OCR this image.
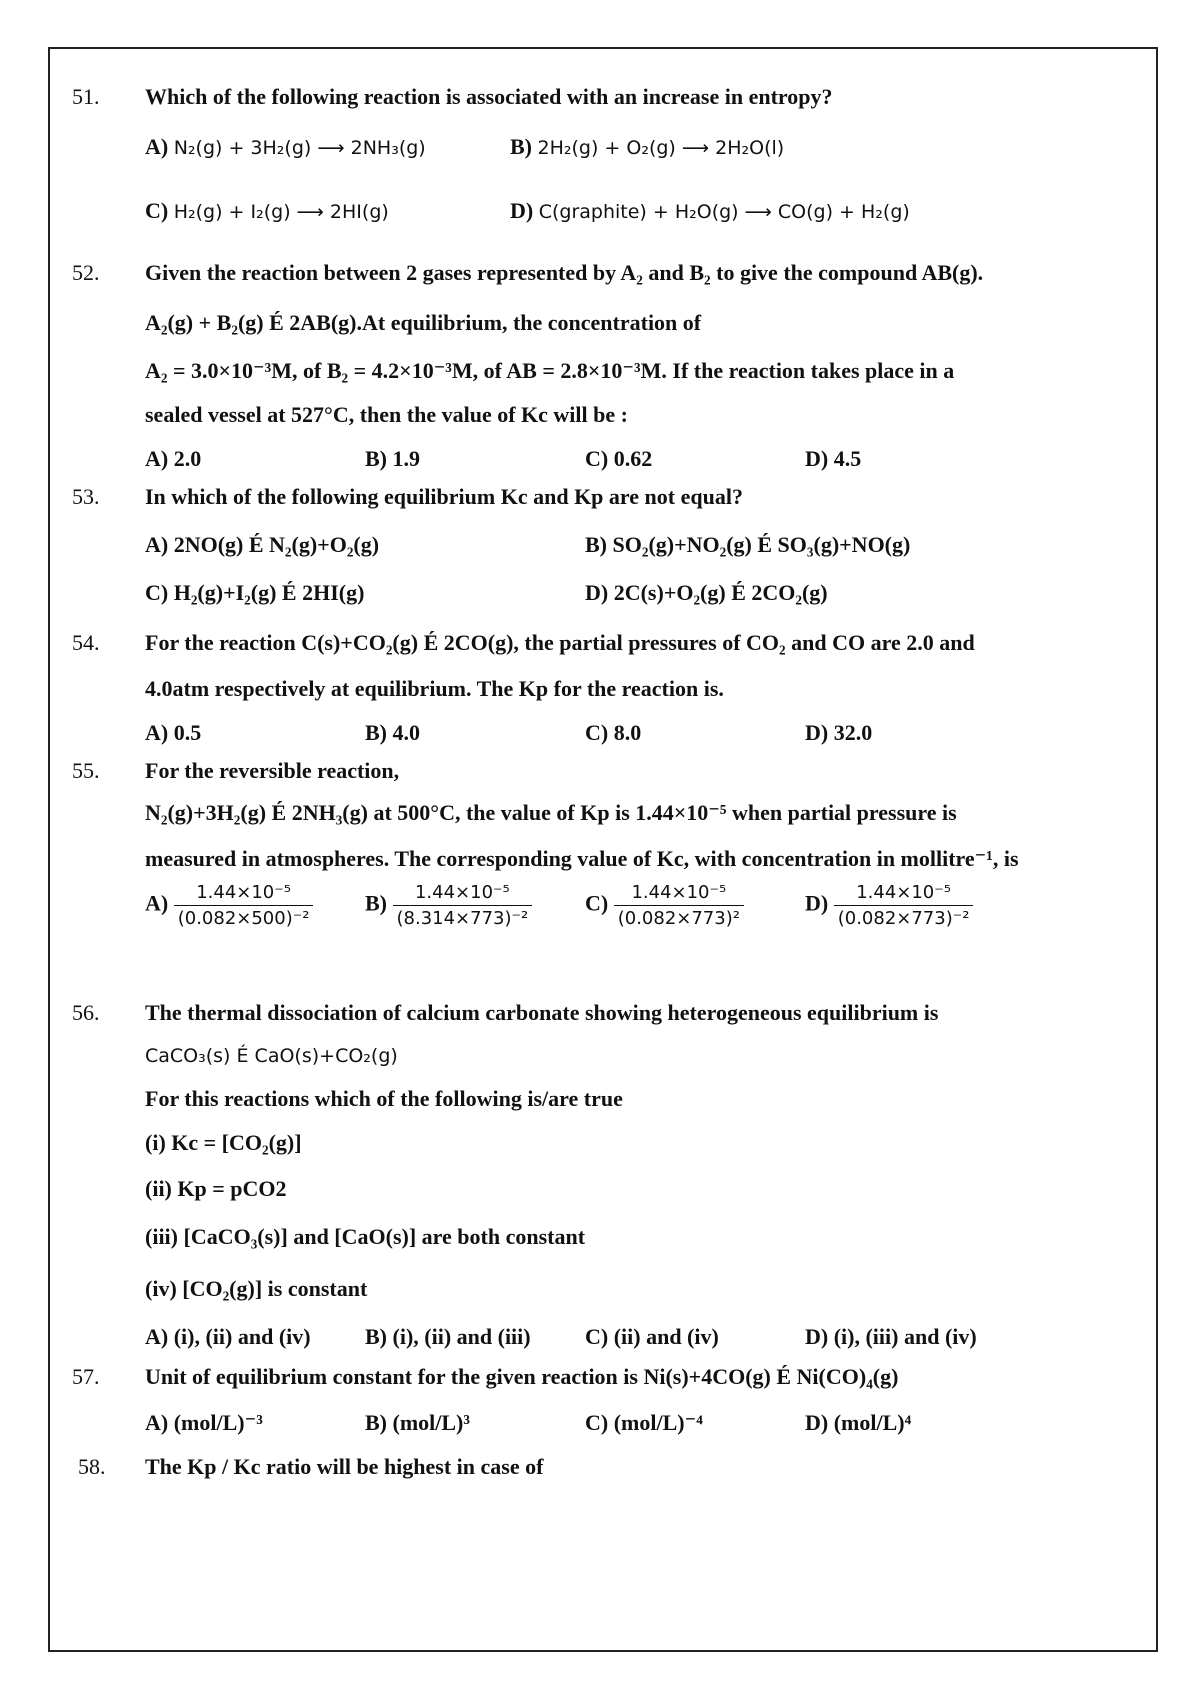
51.	Which of the following reaction is associated with an increase in entropy?
A) N₂(g) + 3H₂(g) ⟶ 2NH₃(g)	B) 2H₂(g) + O₂(g) ⟶ 2H₂O(l)
C) H₂(g) + I₂(g) ⟶ 2HI(g)	D) C(graphite) + H₂O(g) ⟶ CO(g) + H₂(g)
52.	Given the reaction between 2 gases represented by A₂ and B₂ to give the compound AB(g).
A₂(g) + B₂(g) É 2AB(g).At equilibrium, the concentration of
A₂ = 3.0×10⁻³M, of B₂ = 4.2×10⁻³M, of AB = 2.8×10⁻³M. If the reaction takes place in a
sealed vessel at 527°C, then the value of Kc will be :
A) 2.0	B) 1.9	C) 0.62	D) 4.5
53.	In which of the following equilibrium Kc and Kp are not equal?
A) 2NO(g) É N₂(g)+O₂(g)	B) SO₂(g)+NO₂(g) É SO₃(g)+NO(g)
C) H₂(g)+I₂(g) É 2HI(g)	D) 2C(s)+O₂(g) É 2CO₂(g)
54.	For the reaction C(s)+CO₂(g) É 2CO(g), the partial pressures of CO₂ and CO are 2.0 and
4.0atm respectively at equilibrium. The Kp for the reaction is.
A) 0.5	B) 4.0	C) 8.0	D) 32.0
55.	For the reversible reaction,
N₂(g)+3H₂(g) É 2NH₃(g) at 500°C, the value of Kp is 1.44×10⁻⁵ when partial pressure is
measured in atmospheres. The corresponding value of Kc, with concentration in mollitre⁻¹, is
$A) \frac{\text{1.44×10⁻⁵}}{\text{(0.082×500)⁻²}} B) \frac{\text{1.44×10⁻⁵}}{\text{(8.314×773)⁻²}} C) \frac{\text{1.44×10⁻⁵}}{\text{(0.082×773)²}}$	$D) \frac{\text{1.44×10⁻⁵}}{\text{(0.082×773)⁻²}}$
56.	The thermal dissociation of calcium carbonate showing heterogeneous equilibrium is
CaCO₃(s) É CaO(s)+CO₂(g)
For this reactions which of the following is/are true
(i) Kc = [CO₂(g)]
(ii) Kp = pCO2
(iii) [CaCO₃(s)] and [CaO(s)] are both constant
(iv) [CO₂(g)] is constant
A) (i), (ii) and (iv) B) (i), (ii) and (iii) C) (ii) and (iv)	D) (i), (iii) and (iv)
57.	Unit of equilibrium constant for the given reaction is Ni(s)+4CO(g) É Ni(CO)₄(g)
A) (mol/L)⁻³	B) (mol/L)³	C) (mol/L)⁻⁴	D) (mol/L)⁴
58.	The Kp / Kc ratio will be highest in case of
